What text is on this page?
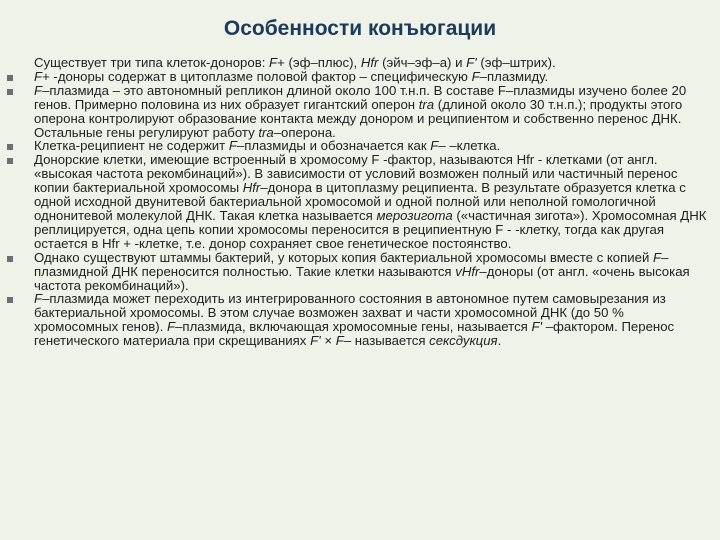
Особенности конъюгации

Существует три типа клеток-доноров: F+ (эф–плюс), Hfr (эйч–эф–а) и F' (эф–штрих).

F+ -доноры содержат в цитоплазме половой фактор – специфическую F–плазмиду.

F–плазмида – это автономный репликон длиной около 100 т.н.п. В составе F–плазмиды изучено более 20 генов. Примерно половина из них образует гигантский оперон tra (длиной около 30 т.н.п.); продукты этого оперона контролируют образование контакта между донором и реципиентом и собственно перенос ДНК. Остальные гены регулируют работу tra–оперона.

Клетка-реципиент не содержит F–плазмиды и обозначается как F– –клетка.

Донорские клетки, имеющие встроенный в хромосому F -фактор, называются Hfr - клетками (от англ. «высокая частота рекомбинаций»). В зависимости от условий возможен полный или частичный перенос копии бактериальной хромосомы Hfr–донора в цитоплазму реципиента. В результате образуется клетка с одной исходной двунитевой бактериальной хромосомой и одной полной или неполной гомологичной однонитевой молекулой ДНК. Такая клетка называется мерозигота («частичная зигота»). Хромосомная ДНК реплицируется, одна цепь копии хромосомы переносится в реципиентную F - -клетку, тогда как другая остается в Hfr + -клетке, т.е. донор сохраняет свое генетическое постоянство.

Однако существуют штаммы бактерий, у которых копия бактериальной хромосомы вместе с копией F–плазмидной ДНК переносится полностью. Такие клетки называются vHfr–доноры (от англ. «очень высокая частота рекомбинаций»).

F–плазмида может переходить из интегрированного состояния в автономное путем самовырезания из бактериальной хромосомы. В этом случае возможен захват и части хромосомной ДНК (до 50 % хромосомных генов). F–плазмида, включающая хромосомные гены, называется F' –фактором. Перенос генетического материала при скрещиваниях F' × F– называется сексдукция.
